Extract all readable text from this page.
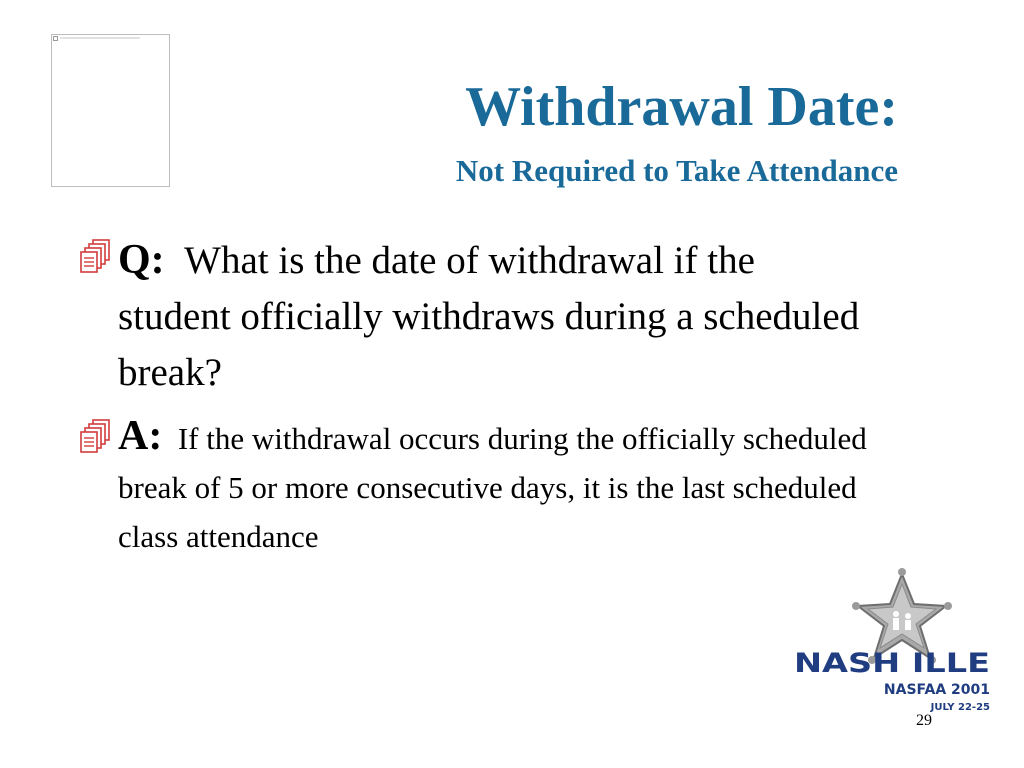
Withdrawal Date:
Not Required to Take Attendance
Q: What is the date of withdrawal if the student officially withdraws during a scheduled break?
A: If the withdrawal occurs during the officially scheduled break of 5 or more consecutive days, it is the last scheduled class attendance
NASH ILLE
NASFAA 2001
JULY 22-25
29
